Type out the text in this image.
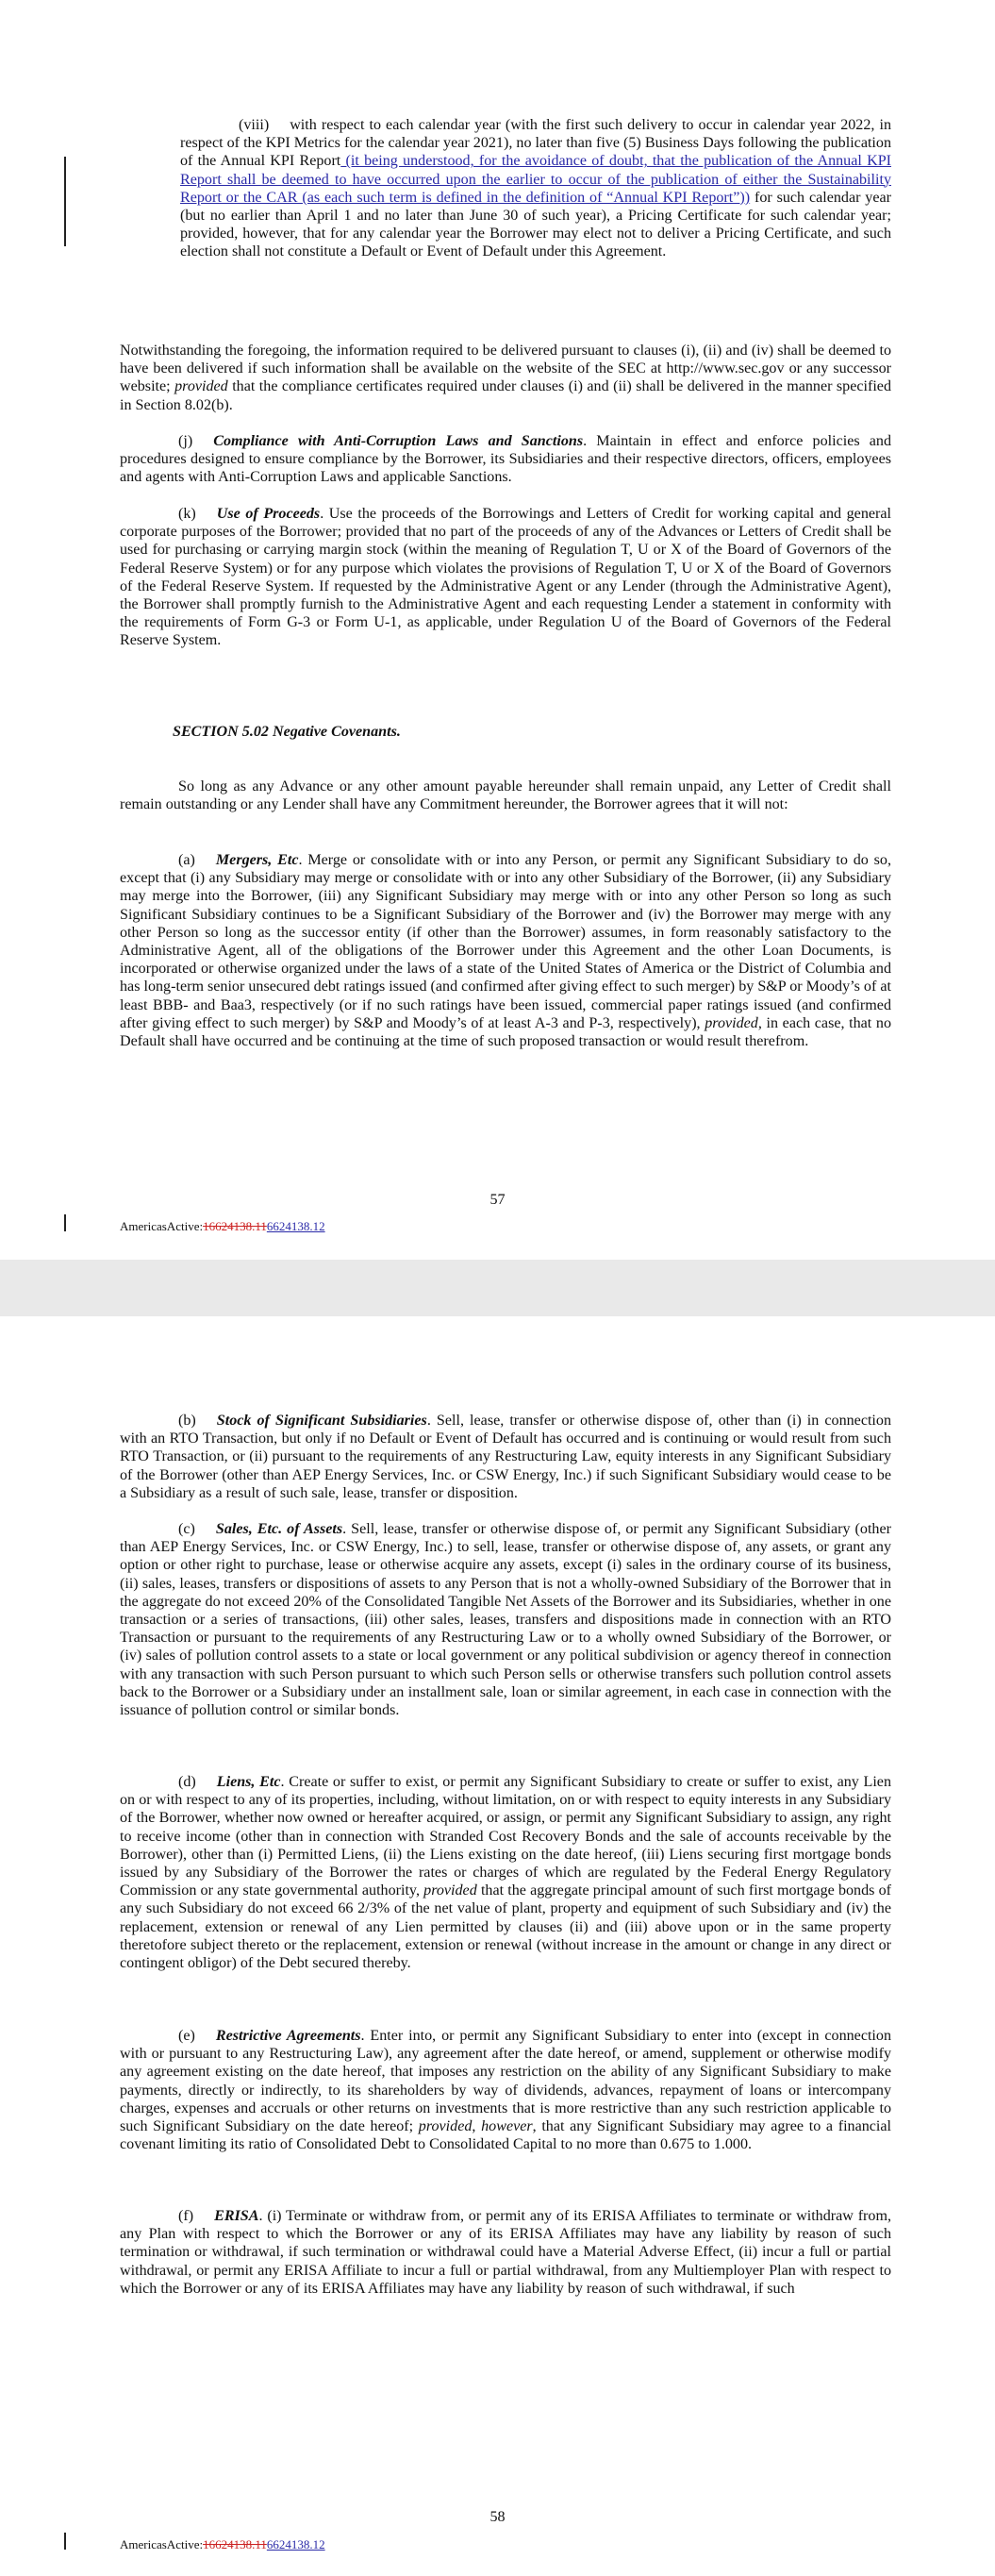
(viii) with respect to each calendar year (with the first such delivery to occur in calendar year 2022, in respect of the KPI Metrics for the calendar year 2021), no later than five (5) Business Days following the publication of the Annual KPI Report (it being understood, for the avoidance of doubt, that the publication of the Annual KPI Report shall be deemed to have occurred upon the earlier to occur of the publication of either the Sustainability Report or the CAR (as each such term is defined in the definition of “Annual KPI Report”)) for such calendar year (but no earlier than April 1 and no later than June 30 of such year), a Pricing Certificate for such calendar year; provided, however, that for any calendar year the Borrower may elect not to deliver a Pricing Certificate, and such election shall not constitute a Default or Event of Default under this Agreement.

Notwithstanding the foregoing, the information required to be delivered pursuant to clauses (i), (ii) and (iv) shall be deemed to have been delivered if such information shall be available on the website of the SEC at http://www.sec.gov or any successor website; provided that the compliance certificates required under clauses (i) and (ii) shall be delivered in the manner specified in Section 8.02(b).

(j) Compliance with Anti-Corruption Laws and Sanctions. Maintain in effect and enforce policies and procedures designed to ensure compliance by the Borrower, its Subsidiaries and their respective directors, officers, employees and agents with Anti-Corruption Laws and applicable Sanctions.

(k) Use of Proceeds. Use the proceeds of the Borrowings and Letters of Credit for working capital and general corporate purposes of the Borrower; provided that no part of the proceeds of any of the Advances or Letters of Credit shall be used for purchasing or carrying margin stock (within the meaning of Regulation T, U or X of the Board of Governors of the Federal Reserve System) or for any purpose which violates the provisions of Regulation T, U or X of the Board of Governors of the Federal Reserve System. If requested by the Administrative Agent or any Lender (through the Administrative Agent), the Borrower shall promptly furnish to the Administrative Agent and each requesting Lender a statement in conformity with the requirements of Form G-3 or Form U-1, as applicable, under Regulation U of the Board of Governors of the Federal Reserve System.

SECTION 5.02 Negative Covenants.

So long as any Advance or any other amount payable hereunder shall remain unpaid, any Letter of Credit shall remain outstanding or any Lender shall have any Commitment hereunder, the Borrower agrees that it will not:

(a) Mergers, Etc. Merge or consolidate with or into any Person, or permit any Significant Subsidiary to do so, except that (i) any Subsidiary may merge or consolidate with or into any other Subsidiary of the Borrower, (ii) any Subsidiary may merge into the Borrower, (iii) any Significant Subsidiary may merge with or into any other Person so long as such Significant Subsidiary continues to be a Significant Subsidiary of the Borrower and (iv) the Borrower may merge with any other Person so long as the successor entity (if other than the Borrower) assumes, in form reasonably satisfactory to the Administrative Agent, all of the obligations of the Borrower under this Agreement and the other Loan Documents, is incorporated or otherwise organized under the laws of a state of the United States of America or the District of Columbia and has long-term senior unsecured debt ratings issued (and confirmed after giving effect to such merger) by S&P or Moody’s of at least BBB- and Baa3, respectively (or if no such ratings have been issued, commercial paper ratings issued (and confirmed after giving effect to such merger) by S&P and Moody’s of at least A-3 and P-3, respectively), provided, in each case, that no Default shall have occurred and be continuing at the time of such proposed transaction or would result therefrom.

57

AmericasActive:16624138.116624138.12

(b) Stock of Significant Subsidiaries. Sell, lease, transfer or otherwise dispose of, other than (i) in connection with an RTO Transaction, but only if no Default or Event of Default has occurred and is continuing or would result from such RTO Transaction, or (ii) pursuant to the requirements of any Restructuring Law, equity interests in any Significant Subsidiary of the Borrower (other than AEP Energy Services, Inc. or CSW Energy, Inc.) if such Significant Subsidiary would cease to be a Subsidiary as a result of such sale, lease, transfer or disposition.

(c) Sales, Etc. of Assets. Sell, lease, transfer or otherwise dispose of, or permit any Significant Subsidiary (other than AEP Energy Services, Inc. or CSW Energy, Inc.) to sell, lease, transfer or otherwise dispose of, any assets, or grant any option or other right to purchase, lease or otherwise acquire any assets, except (i) sales in the ordinary course of its business, (ii) sales, leases, transfers or dispositions of assets to any Person that is not a wholly-owned Subsidiary of the Borrower that in the aggregate do not exceed 20% of the Consolidated Tangible Net Assets of the Borrower and its Subsidiaries, whether in one transaction or a series of transactions, (iii) other sales, leases, transfers and dispositions made in connection with an RTO Transaction or pursuant to the requirements of any Restructuring Law or to a wholly owned Subsidiary of the Borrower, or (iv) sales of pollution control assets to a state or local government or any political subdivision or agency thereof in connection with any transaction with such Person pursuant to which such Person sells or otherwise transfers such pollution control assets back to the Borrower or a Subsidiary under an installment sale, loan or similar agreement, in each case in connection with the issuance of pollution control or similar bonds.

(d) Liens, Etc. Create or suffer to exist, or permit any Significant Subsidiary to create or suffer to exist, any Lien on or with respect to any of its properties, including, without limitation, on or with respect to equity interests in any Subsidiary of the Borrower, whether now owned or hereafter acquired, or assign, or permit any Significant Subsidiary to assign, any right to receive income (other than in connection with Stranded Cost Recovery Bonds and the sale of accounts receivable by the Borrower), other than (i) Permitted Liens, (ii) the Liens existing on the date hereof, (iii) Liens securing first mortgage bonds issued by any Subsidiary of the Borrower the rates or charges of which are regulated by the Federal Energy Regulatory Commission or any state governmental authority, provided that the aggregate principal amount of such first mortgage bonds of any such Subsidiary do not exceed 66 2/3% of the net value of plant, property and equipment of such Subsidiary and (iv) the replacement, extension or renewal of any Lien permitted by clauses (ii) and (iii) above upon or in the same property theretofore subject thereto or the replacement, extension or renewal (without increase in the amount or change in any direct or contingent obligor) of the Debt secured thereby.

(e) Restrictive Agreements. Enter into, or permit any Significant Subsidiary to enter into (except in connection with or pursuant to any Restructuring Law), any agreement after the date hereof, or amend, supplement or otherwise modify any agreement existing on the date hereof, that imposes any restriction on the ability of any Significant Subsidiary to make payments, directly or indirectly, to its shareholders by way of dividends, advances, repayment of loans or intercompany charges, expenses and accruals or other returns on investments that is more restrictive than any such restriction applicable to such Significant Subsidiary on the date hereof; provided, however, that any Significant Subsidiary may agree to a financial covenant limiting its ratio of Consolidated Debt to Consolidated Capital to no more than 0.675 to 1.000.

(f) ERISA. (i) Terminate or withdraw from, or permit any of its ERISA Affiliates to terminate or withdraw from, any Plan with respect to which the Borrower or any of its ERISA Affiliates may have any liability by reason of such termination or withdrawal, if such termination or withdrawal could have a Material Adverse Effect, (ii) incur a full or partial withdrawal, or permit any ERISA Affiliate to incur a full or partial withdrawal, from any Multiemployer Plan with respect to which the Borrower or any of its ERISA Affiliates may have any liability by reason of such withdrawal, if such

58

AmericasActive:16624138.116624138.12
